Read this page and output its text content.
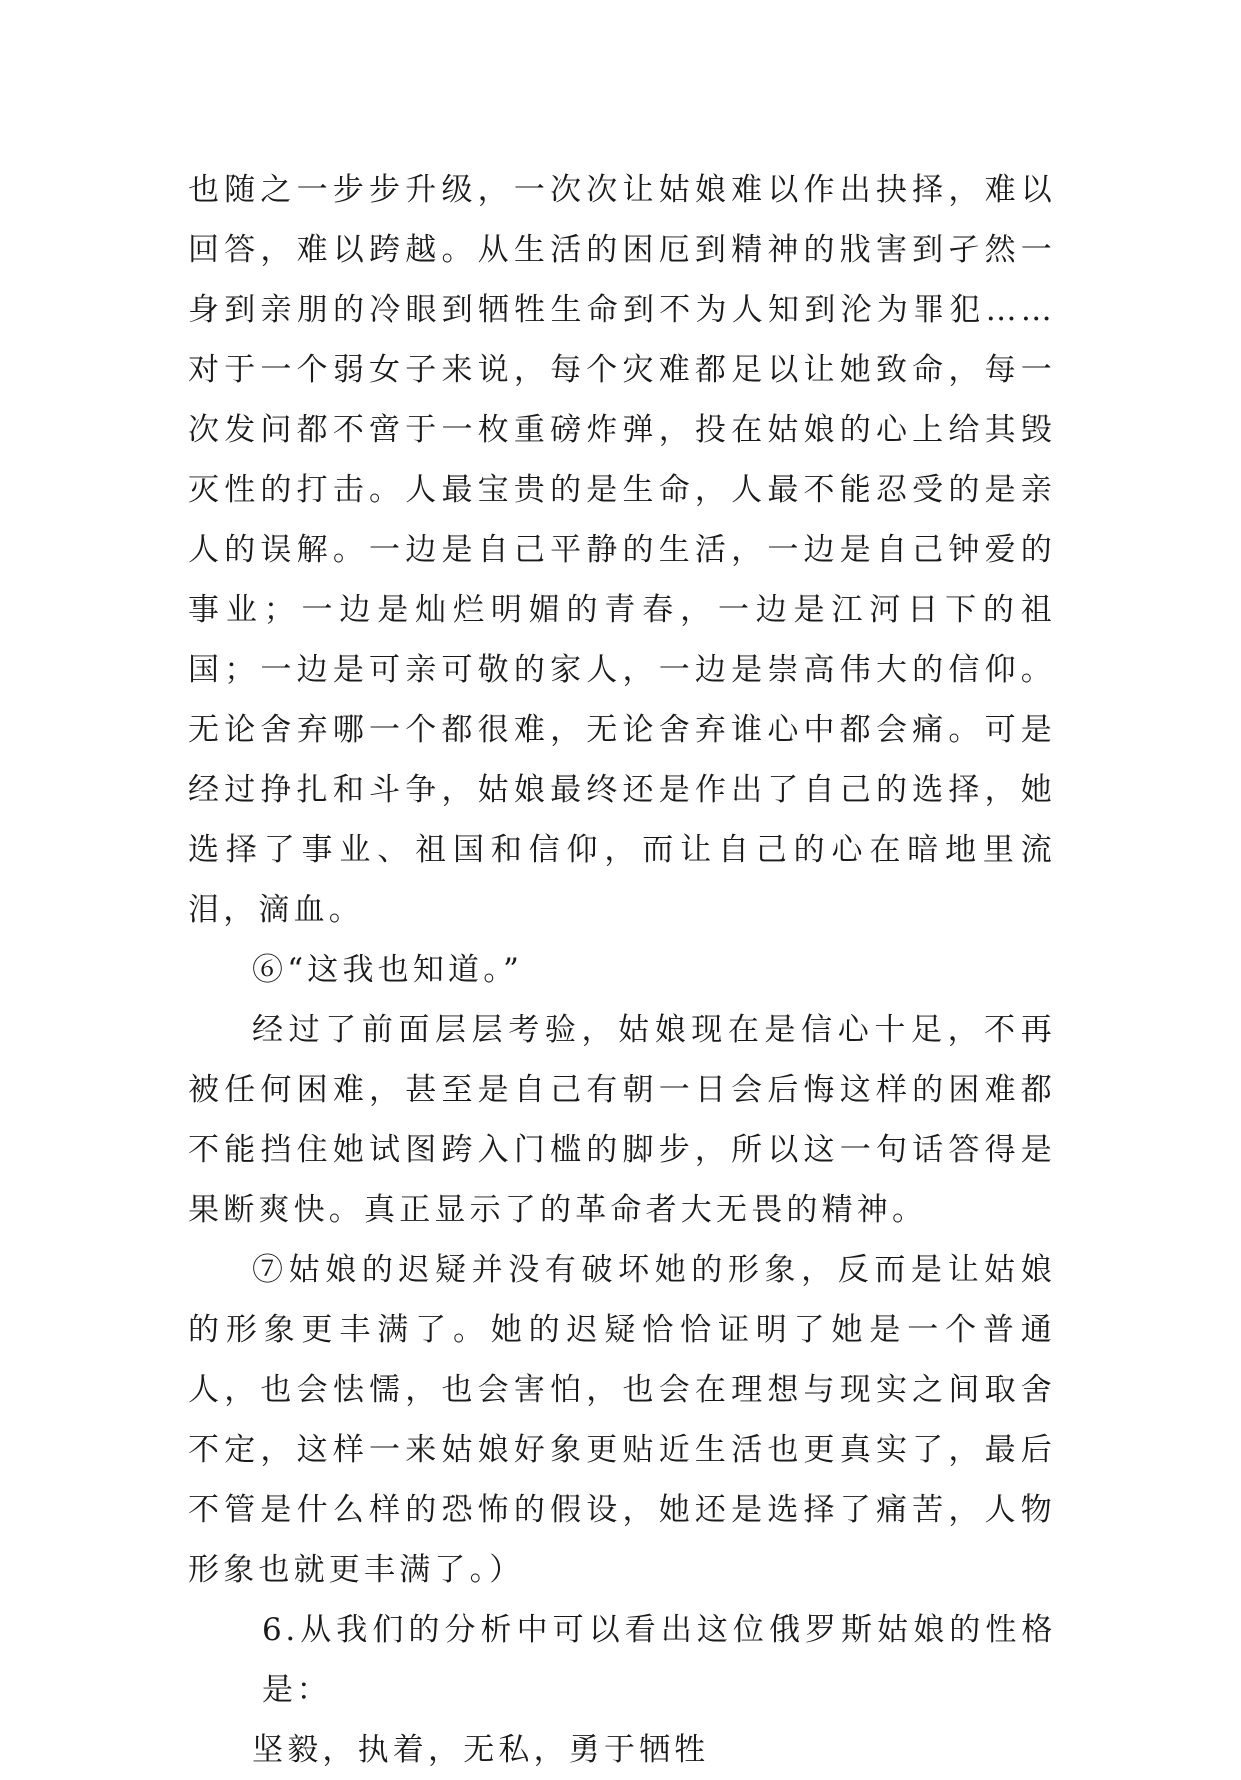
也随之一步步升级，一次次让姑娘难以作出抉择，难以回答，难以跨越。从生活的困厄到精神的戕害到孑然一身到亲朋的冷眼到牺牲生命到不为人知到沦为罪犯……对于一个弱女子来说，每个灾难都足以让她致命，每一次发问都不啻于一枚重磅炸弹，投在姑娘的心上给其毁灭性的打击。人最宝贵的是生命，人最不能忍受的是亲人的误解。一边是自己平静的生活，一边是自己钟爱的事业；一边是灿烂明媚的青春，一边是江河日下的祖国；一边是可亲可敬的家人，一边是崇高伟大的信仰。无论舍弃哪一个都很难，无论舍弃谁心中都会痛。可是经过挣扎和斗争，姑娘最终还是作出了自己的选择，她选择了事业、祖国和信仰，而让自己的心在暗地里流泪，滴血。

⑥“这我也知道。”

经过了前面层层考验，姑娘现在是信心十足，不再被任何困难，甚至是自己有朝一日会后悔这样的困难都不能挡住她试图跨入门槛的脚步，所以这一句话答得是果断爽快。真正显示了的革命者大无畏的精神。

⑦姑娘的迟疑并没有破坏她的形象，反而是让姑娘的形象更丰满了。她的迟疑恰恰证明了她是一个普通人，也会怯懦，也会害怕，也会在理想与现实之间取舍不定，这样一来姑娘好象更贴近生活也更真实了，最后不管是什么样的恐怖的假设，她还是选择了痛苦，人物形象也就更丰满了。）

6.从我们的分析中可以看出这位俄罗斯姑娘的性格是：

坚毅，执着，无私，勇于牺牲
